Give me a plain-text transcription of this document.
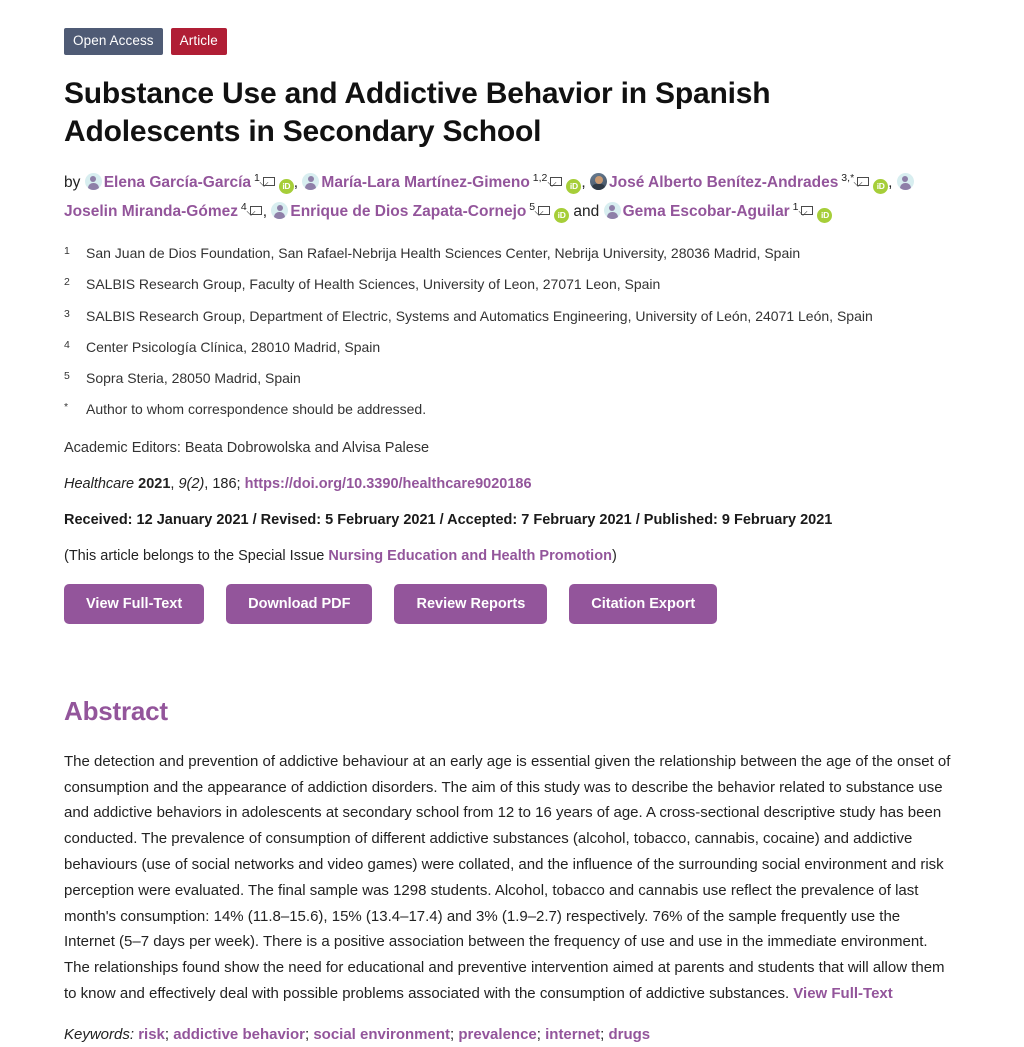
Open Access	Article
Substance Use and Addictive Behavior in Spanish Adolescents in Secondary School
by Elena García-García $^1$iD , María-Lara Martínez-Gimeno $^{1,2}$iD , José Alberto Benítez-Andrades $^{3,*}$iD , Joselin Miranda-Gómez $^4$ , Enrique de Dios Zapata-Cornejo $^5$iD and Gema Escobar-Aguilar $^1$iD
1	San Juan de Dios Foundation, San Rafael-Nebrija Health Sciences Center, Nebrija University, 28036 Madrid, Spain
2	SALBIS Research Group, Faculty of Health Sciences, University of Leon, 27071 Leon, Spain
3	SALBIS Research Group, Department of Electric, Systems and Automatics Engineering, University of León, 24071 León, Spain
4	Center Psicología Clínica, 28010 Madrid, Spain
5	Sopra Steria, 28050 Madrid, Spain
*	Author to whom correspondence should be addressed.
Academic Editors: Beata Dobrowolska and Alvisa Palese
Healthcare 2021, 9(2), 186; https://doi.org/10.3390/healthcare9020186
Received: 12 January 2021 / Revised: 5 February 2021 / Accepted: 7 February 2021 / Published: 9 February 2021
(This article belongs to the Special Issue Nursing Education and Health Promotion)
View Full-Text	Download PDF	Review Reports	Citation Export
Abstract
The detection and prevention of addictive behaviour at an early age is essential given the relationship between the age of the onset of consumption and the appearance of addiction disorders. The aim of this study was to describe the behavior related to substance use and addictive behaviors in adolescents at secondary school from 12 to 16 years of age. A cross-sectional descriptive study has been conducted. The prevalence of consumption of different addictive substances (alcohol, tobacco, cannabis, cocaine) and addictive behaviours (use of social networks and video games) were collated, and the influence of the surrounding social environment and risk perception were evaluated. The final sample was 1298 students. Alcohol, tobacco and cannabis use reflect the prevalence of last month's consumption: 14% (11.8–15.6), 15% (13.4–17.4) and 3% (1.9–2.7) respectively. 76% of the sample frequently use the Internet (5–7 days per week). There is a positive association between the frequency of use and use in the immediate environment. The relationships found show the need for educational and preventive intervention aimed at parents and students that will allow them to know and effectively deal with possible problems associated with the consumption of addictive substances. View Full-Text
Keywords: risk; addictive behavior; social environment; prevalence; internet; drugs
